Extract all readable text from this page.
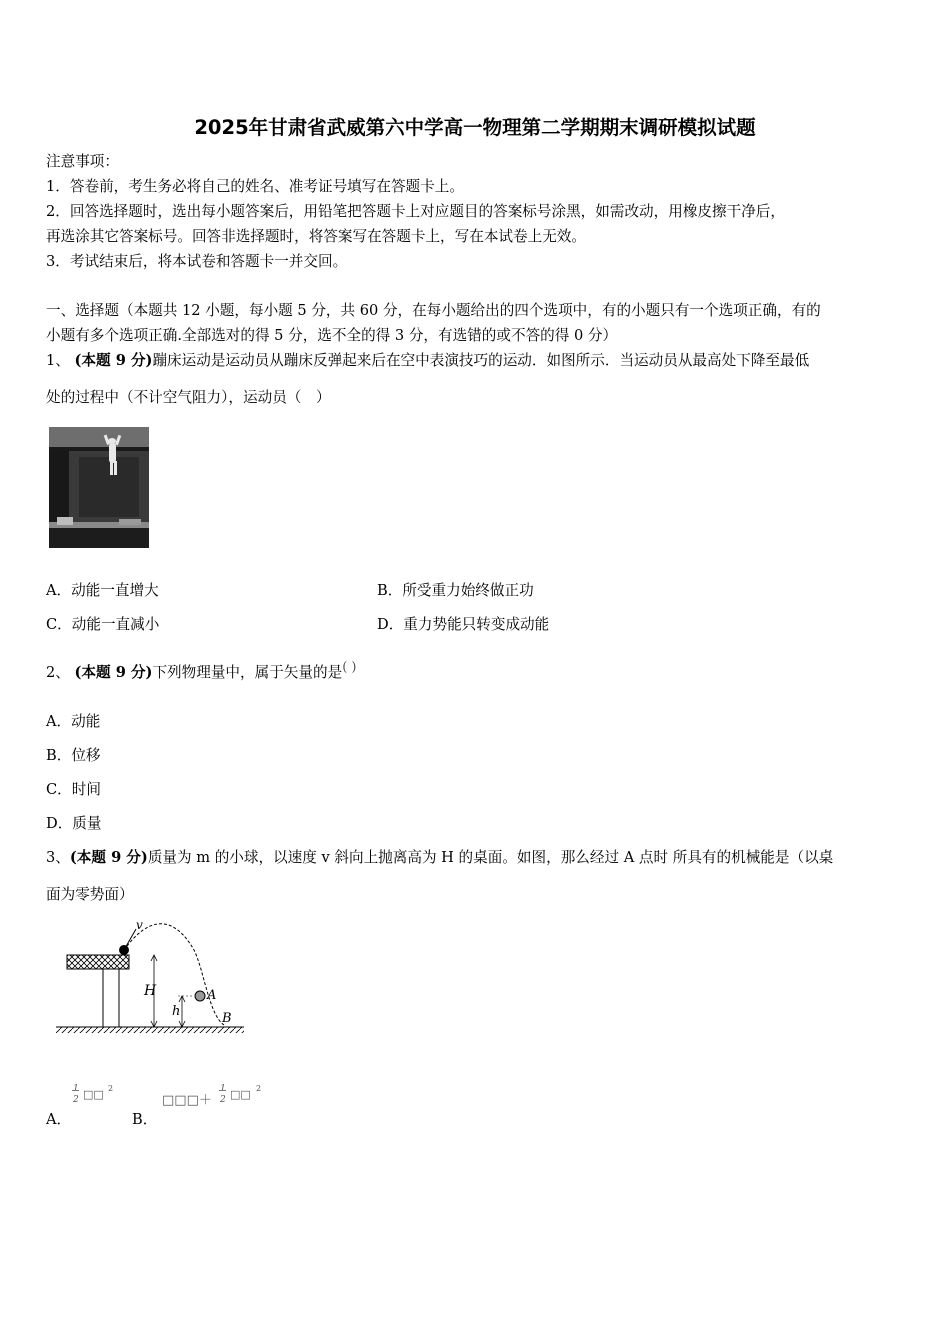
2025年甘肃省武威第六中学高一物理第二学期期末调研模拟试题
注意事项：
1．答卷前，考生务必将自己的姓名、准考证号填写在答题卡上。
2．回答选择题时，选出每小题答案后，用铅笔把答题卡上对应题目的答案标号涂黑，如需改动，用橡皮擦干净后，
再选涂其它答案标号。回答非选择题时，将答案写在答题卡上，写在本试卷上无效。
3．考试结束后，将本试卷和答题卡一并交回。
一、选择题（本题共 12 小题，每小题 5 分，共 60 分，在每小题给出的四个选项中，有的小题只有一个选项正确，有的
小题有多个选项正确.全部选对的得 5 分，选不全的得 3 分，有选错的或不答的得 0 分）
1、 (本题 9 分)蹦床运动是运动员从蹦床反弹起来后在空中表演技巧的运动．如图所示．当运动员从最高处下降至最低
处的过程中（不计空气阻力），运动员（　）
A．动能一直增大	B．所受重力始终做正功
C．动能一直减小	D．重力势能只转变成动能
2、 (本题 9 分)下列物理量中，属于矢量的是( )
A．动能
B．位移
C．时间
D．质量
3、(本题 9 分)质量为 m 的小球，以速度 v 斜向上抛离高为 H 的桌面。如图，那么经过 A 点时 所具有的机械能是（以桌
面为零势面）
v
H
h
A
B
A．
1
2 □□ 2
B．
□□□＋
1
2 □□ 2
